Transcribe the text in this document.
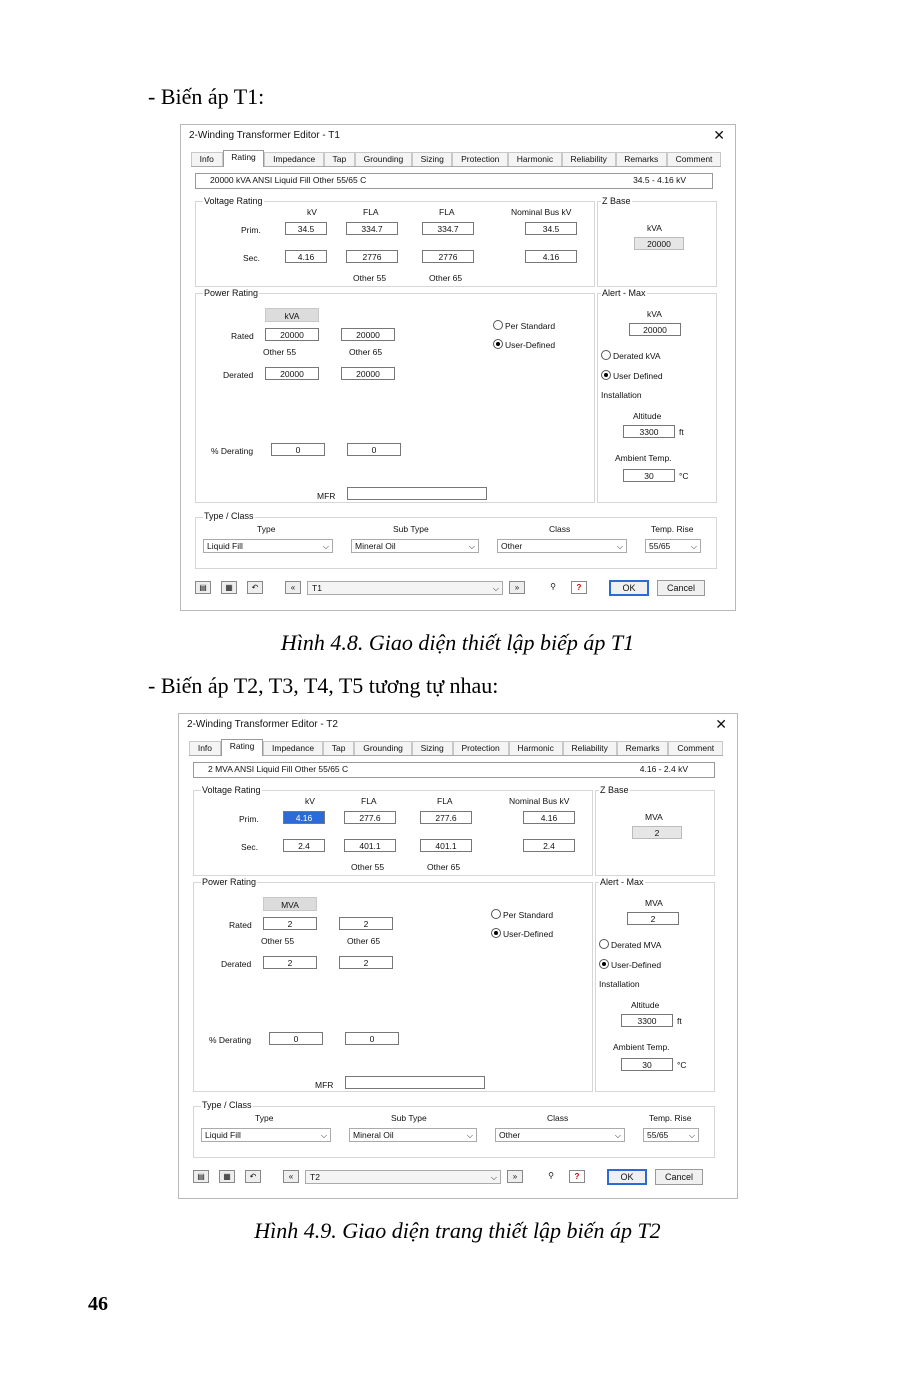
- Biến áp T1:
2-Winding Transformer Editor - T1	✕
Info	Rating	Impedance	Tap	Grounding	Sizing	Protection	Harmonic	Reliability	Remarks	Comment
20000 kVA ANSI Liquid Fill Other 55/65 C	34.5 - 4.16 kV
Voltage Rating
kV	FLA	FLA	Nominal Bus kV
Prim.	34.5	334.7	334.7	34.5
Sec.	4.16	2776	2776	4.16
Other 55	Other 65
Z Base
kVA
20000
Power Rating
kVA
Rated	20000	20000
Other 55	Other 65
Derated	20000	20000
Per Standard
User-Defined
% Derating	0	0
MFR
Alert - Max
kVA
20000
Derated kVA
User Defined
Installation
Altitude
3300	ft
Ambient Temp.
30	°C
Type / Class
Type	Sub Type	Class	Temp. Rise
Liquid Fill	⌵	Mineral Oil	⌵	Other	⌵	55/65	⌵
▤	▦	↶	«	T1	⌵	»	⚲	?	OK	Cancel
Hình 4.8. Giao diện thiết lập biếp áp T1
- Biến áp T2, T3, T4, T5 tương tự nhau:
2-Winding Transformer Editor - T2	✕
Info	Rating	Impedance	Tap	Grounding	Sizing	Protection	Harmonic	Reliability	Remarks	Comment
2 MVA ANSI Liquid Fill Other 55/65 C	4.16 - 2.4 kV
Voltage Rating
kV	FLA	FLA	Nominal Bus kV
Prim.	4.16	277.6	277.6	4.16
Sec.	2.4	401.1	401.1	2.4
Other 55	Other 65
Z Base
MVA
2
Power Rating
MVA
Rated	2	2
Other 55	Other 65
Derated	2	2
Per Standard
User-Defined
% Derating	0	0
MFR
Alert - Max
MVA
2
Derated MVA
User-Defined
Installation
Altitude
3300	ft
Ambient Temp.
30	°C
Type / Class
Type	Sub Type	Class	Temp. Rise
Liquid Fill	⌵	Mineral Oil	⌵	Other	⌵	55/65	⌵
▤	▦	↶	«	T2	⌵	»	⚲	?	OK	Cancel
Hình 4.9. Giao diện trang thiết lập biến áp T2
46
